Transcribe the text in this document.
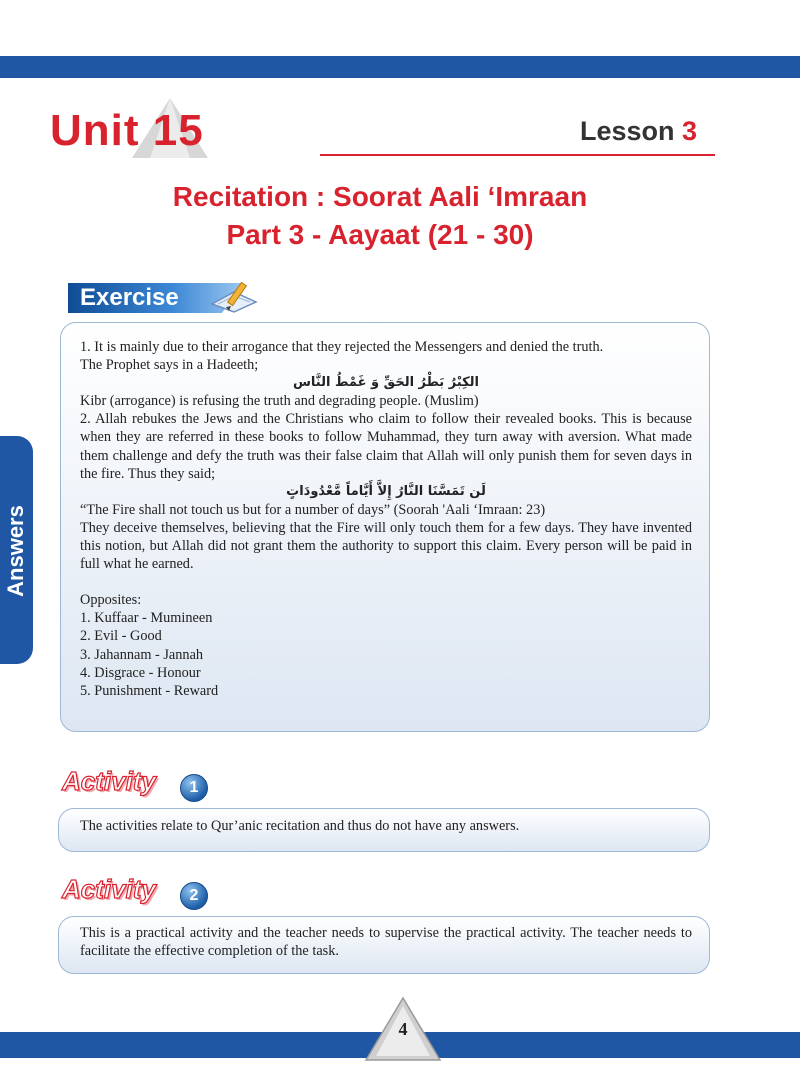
Unit 15	Lesson 3
Recitation : Soorat Aali ‘Imraan
Part 3 - Aayaat (21 - 30)
Exercise
1. It is mainly due to their arrogance that they rejected the Messengers and denied the truth.
The Prophet says in a Hadeeth;
الكِبْرُ بَطْرُ الحَقِّ وَ غَمْطُ النَّاس
Kibr (arrogance) is refusing the truth and degrading people. (Muslim)
2. Allah rebukes the Jews and the Christians who claim to follow their revealed books. This is because when they are referred in these books to follow Muhammad, they turn away with aversion. What made them challenge and defy the truth was their false claim that Allah will only punish them for seven days in the fire. Thus they said;
لَن تَمَسَّنَا النَّارُ إِلاَّ أَيَّاماً مَّعْدُودَاتٍ
“The Fire shall not touch us but for a number of days” (Soorah 'Aali ‘Imraan: 23)
They deceive themselves, believing that the Fire will only touch them for a few days. They have invented this notion, but Allah did not grant them the authority to support this claim. Every person will be paid in full what he earned.
Opposites:
1. Kuffaar - Mumineen
2. Evil - Good
3. Jahannam - Jannah
4. Disgrace - Honour
5. Punishment - Reward
Activity	1
The activities relate to Qur’anic recitation and thus do not have any answers.
Activity	2
This is a practical activity and the teacher needs to supervise the practical activity. The teacher needs to facilitate the effective completion of the task.
Answers
4
